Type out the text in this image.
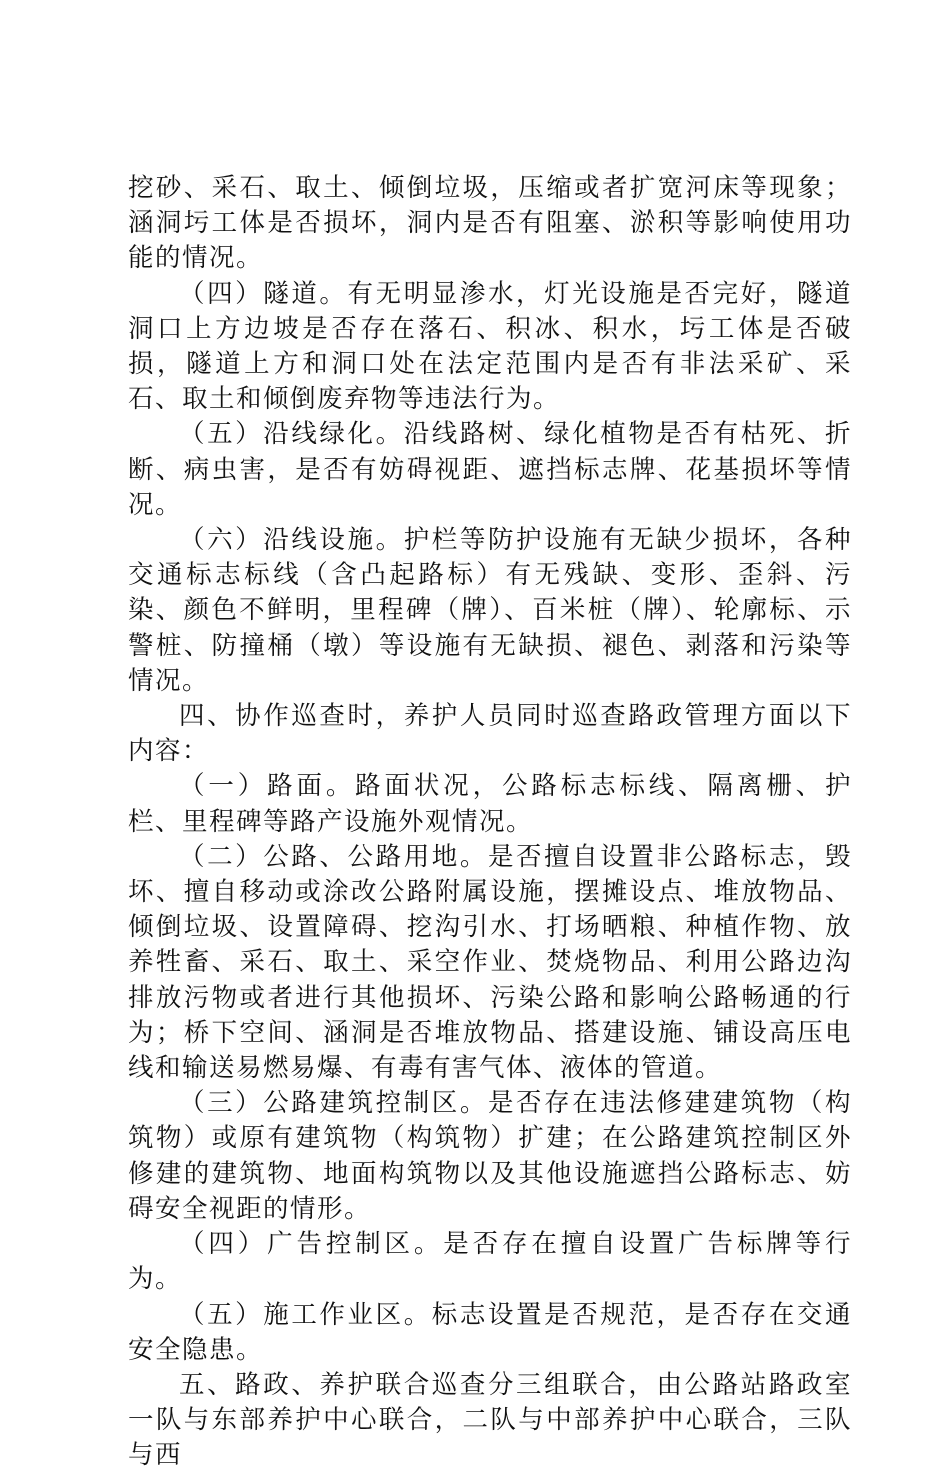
挖砂、采石、取土、倾倒垃圾，压缩或者扩宽河床等现象；涵洞圬工体是否损坏，洞内是否有阻塞、淤积等影响使用功能的情况。

（四）隧道。有无明显渗水，灯光设施是否完好，隧道洞口上方边坡是否存在落石、积冰、积水，圬工体是否破损，隧道上方和洞口处在法定范围内是否有非法采矿、采石、取土和倾倒废弃物等违法行为。

（五）沿线绿化。沿线路树、绿化植物是否有枯死、折断、病虫害，是否有妨碍视距、遮挡标志牌、花基损坏等情况。

（六）沿线设施。护栏等防护设施有无缺少损坏，各种交通标志标线（含凸起路标）有无残缺、变形、歪斜、污染、颜色不鲜明，里程碑（牌）、百米桩（牌）、轮廓标、示警桩、防撞桶（墩）等设施有无缺损、褪色、剥落和污染等情况。

四、协作巡查时，养护人员同时巡查路政管理方面以下内容：

（一）路面。路面状况，公路标志标线、隔离栅、护栏、里程碑等路产设施外观情况。

（二）公路、公路用地。是否擅自设置非公路标志，毁坏、擅自移动或涂改公路附属设施，摆摊设点、堆放物品、倾倒垃圾、设置障碍、挖沟引水、打场晒粮、种植作物、放养牲畜、采石、取土、采空作业、焚烧物品、利用公路边沟排放污物或者进行其他损坏、污染公路和影响公路畅通的行为；桥下空间、涵洞是否堆放物品、搭建设施、铺设高压电线和输送易燃易爆、有毒有害气体、液体的管道。

（三）公路建筑控制区。是否存在违法修建建筑物（构筑物）或原有建筑物（构筑物）扩建；在公路建筑控制区外修建的建筑物、地面构筑物以及其他设施遮挡公路标志、妨碍安全视距的情形。

（四）广告控制区。是否存在擅自设置广告标牌等行为。

（五）施工作业区。标志设置是否规范，是否存在交通安全隐患。

五、路政、养护联合巡查分三组联合，由公路站路政室一队与东部养护中心联合，二队与中部养护中心联合，三队与西
